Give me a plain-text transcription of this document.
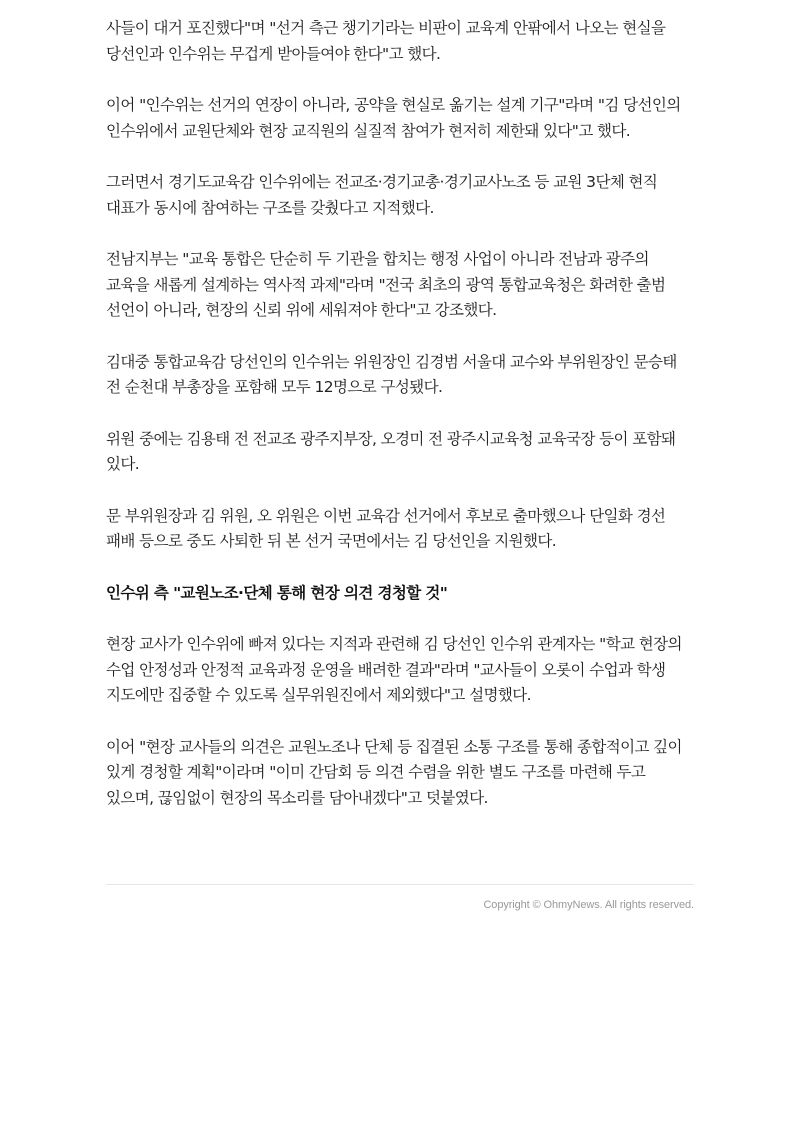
사들이 대거 포진했다"며 "선거 측근 챙기기라는 비판이 교육계 안팎에서 나오는 현실을 당선인과 인수위는 무겁게 받아들여야 한다"고 했다.

이어 "인수위는 선거의 연장이 아니라, 공약을 현실로 옮기는 설계 기구"라며 "김 당선인의 인수위에서 교원단체와 현장 교직원의 실질적 참여가 현저히 제한돼 있다"고 했다.

그러면서 경기도교육감 인수위에는 전교조·경기교총·경기교사노조 등 교원 3단체 현직 대표가 동시에 참여하는 구조를 갖췄다고 지적했다.

전남지부는 "교육 통합은 단순히 두 기관을 합치는 행정 사업이 아니라 전남과 광주의 교육을 새롭게 설계하는 역사적 과제"라며 "전국 최초의 광역 통합교육청은 화려한 출범 선언이 아니라, 현장의 신뢰 위에 세워져야 한다"고 강조했다.

김대중 통합교육감 당선인의 인수위는 위원장인 김경범 서울대 교수와 부위원장인 문승태 전 순천대 부총장을 포함해 모두 12명으로 구성됐다.

위원 중에는 김용태 전 전교조 광주지부장, 오경미 전 광주시교육청 교육국장 등이 포함돼 있다.

문 부위원장과 김 위원, 오 위원은 이번 교육감 선거에서 후보로 출마했으나 단일화 경선 패배 등으로 중도 사퇴한 뒤 본 선거 국면에서는 김 당선인을 지원했다.

인수위 측 "교원노조·단체 통해 현장 의견 경청할 것"

현장 교사가 인수위에 빠져 있다는 지적과 관련해 김 당선인 인수위 관계자는 "학교 현장의 수업 안정성과 안정적 교육과정 운영을 배려한 결과"라며 "교사들이 오롯이 수업과 학생 지도에만 집중할 수 있도록 실무위원진에서 제외했다"고 설명했다.

이어 "현장 교사들의 의견은 교원노조나 단체 등 집결된 소통 구조를 통해 종합적이고 깊이 있게 경청할 계획"이라며 "이미 간담회 등 의견 수렴을 위한 별도 구조를 마련해 두고 있으며, 끊임없이 현장의 목소리를 담아내겠다"고 덧붙였다.

Copyright © OhmyNews. All rights reserved.
